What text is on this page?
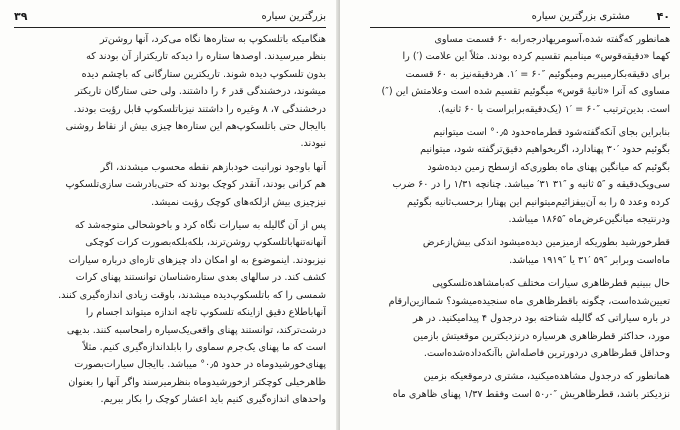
۳۹	بزرگترین سیاره
هنگامیکه باتلسکوپ به ستاره‌ها نگاه می‌کرد، آنها روشن‌تر
بنظر میرسیدند. اوصدها ستاره را دیدکه تاریکتراز آن بودند که
بدون تلسکوپ دیده شوند. تاریکترین ستارگانی که باچشم دیده
میشوند، درخشندگی قدر ۶ را داشتند. ولی حتی ستارگان تاریکتر
درخشندگی ۷، ۸ وغیره را داشتند نیزباتلسکوپ قابل رؤیت بودند.
باایجال حتی باتلسکوپ‌هم این ستاره‌ها چیزی بیش از نقاط روشنی
نبودند.
آنها باوجود نورانیت خودبازهم نقطه محسوب میشدند، اگر
هم کرانی بودند، آنقدر کوچک بودند که حتی‌بادرشت سازی‌تلسکوپ
نیزچیزی بیش ازلکه‌های کوچک رؤیت نمیشد.
پس از آن گالیله به سیارات نگاه کرد و باخوشحالی متوجه‌شد که
آنهانه‌تنهاباتلسکوپ روشن‌ترند، بلکه‌بلکه‌بصورت کرات کوچکی
نیزبودند. اینموضوع به او امکان داد چیزهای تازه‌ای درباره سیارات
کشف کند. در سالهای بعدی ستاره‌شناسان توانستند پهنای کرات
شمسی را که باتلسکوپ‌دیده میشدند، باوقت زیادی اندازه‌گیری کنند.
آنهاباطلاع دقیق ازاینکه تلسکوپ تاچه اندازه میتواند اجسام را
درشت‌ترکند، توانستند پهنای واقعی‌یک‌سیاره رامحاسبه کنند. بدیهی
است که ما پهنای یک‌جرم سماوی را بابلداندازه‌گیری کنیم. مثلاً
پهنای‌خورشیدوماه در حدود ۰٫۵° میباشد. باایجال سیارات‌بصورت
ظاهرخیلی کوچکتر ازخورشیدوماه بنظرمیرسند واگر آنها را بعنوان
واحدهای اندازه‌گیری کنیم باید اعشار کوچک را بکار ببریم.
۴۰
مشتری بزرگترین سیاره
همانطور که‌گفته شده،آسومریهادرجه‌رابه ۶۰ قسمت مساوی
کهما «دقیقه‌قوس» مینامیم تقسیم کرده بودند. ‌مثلاً این علامت (′) را
برای دقیقه‌بکارمیبریم ومیگوئیم ″۶۰ = ′۱. هردقیقه‌نیز به ۶۰ قسمت
مساوی که آنرا «ثانیهٔ قوس» میگوئیم تقسیم شده است وعلامتش این (″)
است. بدین‌ترتیب ″۶۰ = ′۱ (یک‌دقیقه‌برابراست با ۶۰ ثانیه).
بنابراین بجای آنکه‌گفته‌شود قطرماه‌حدود ۰٫۵° است میتوانیم
بگوئیم حدود ′۳۰ پهنادارد، اگربخواهیم دقیق‌ترگفته شود، میتوانیم
بگوئیم که میانگین پهنای ماه بطوری‌که ازسطح زمین دیده‌شود
سی‌ویک‌دقیقه و ″۵ ثانیه و ″۳۱ ۳۱′ میباشد. چنانچه ۱/۳۱ را در ۶۰ ضرب
کرده وعدد ۵ را به آن‌بیفزائیم‌میتوانیم این پهنارا برحسب‌ثانیه بگوئیم
ودرنتیجه میانگین‌عرض‌ماه ″۱۸۶۵ میباشد.
قطرخورشید بطوریکه ازمیزمین دیده‌میشود اندکی بیش‌ازعرض
ماه‌است وبرابر ″۵۹ ′۳۱ یا ″۱۹۱۹ میباشد.
حال ببینیم قطرظاهری سیارات مختلف که‌بامشاهده‌تلسکوپی
تعیین‌شده‌است، چگونه باقطرظاهری ماه سنجیده‌میشود؟ شماازین‌ارقام
در باره سیاراتی که گالیله شناخته بود درجدول ۴ پیدامیکنید. در هر
مورد، حداکثر قطرظاهری هرسیاره درنزدیکترین موقعیتش بازمین
وحداقل قطرظاهری دردورترین فاصله‌اش باآنکه‌داده‌شده‌است.
همانطور که درجدول مشاهده‌میکنید، مشتری درموقعیکه بزمین
نزدیکتر باشد، قطرظاهریش ″۵۰٫۰ است وفقط ۱/۳۷ پهنای ظاهری ماه
